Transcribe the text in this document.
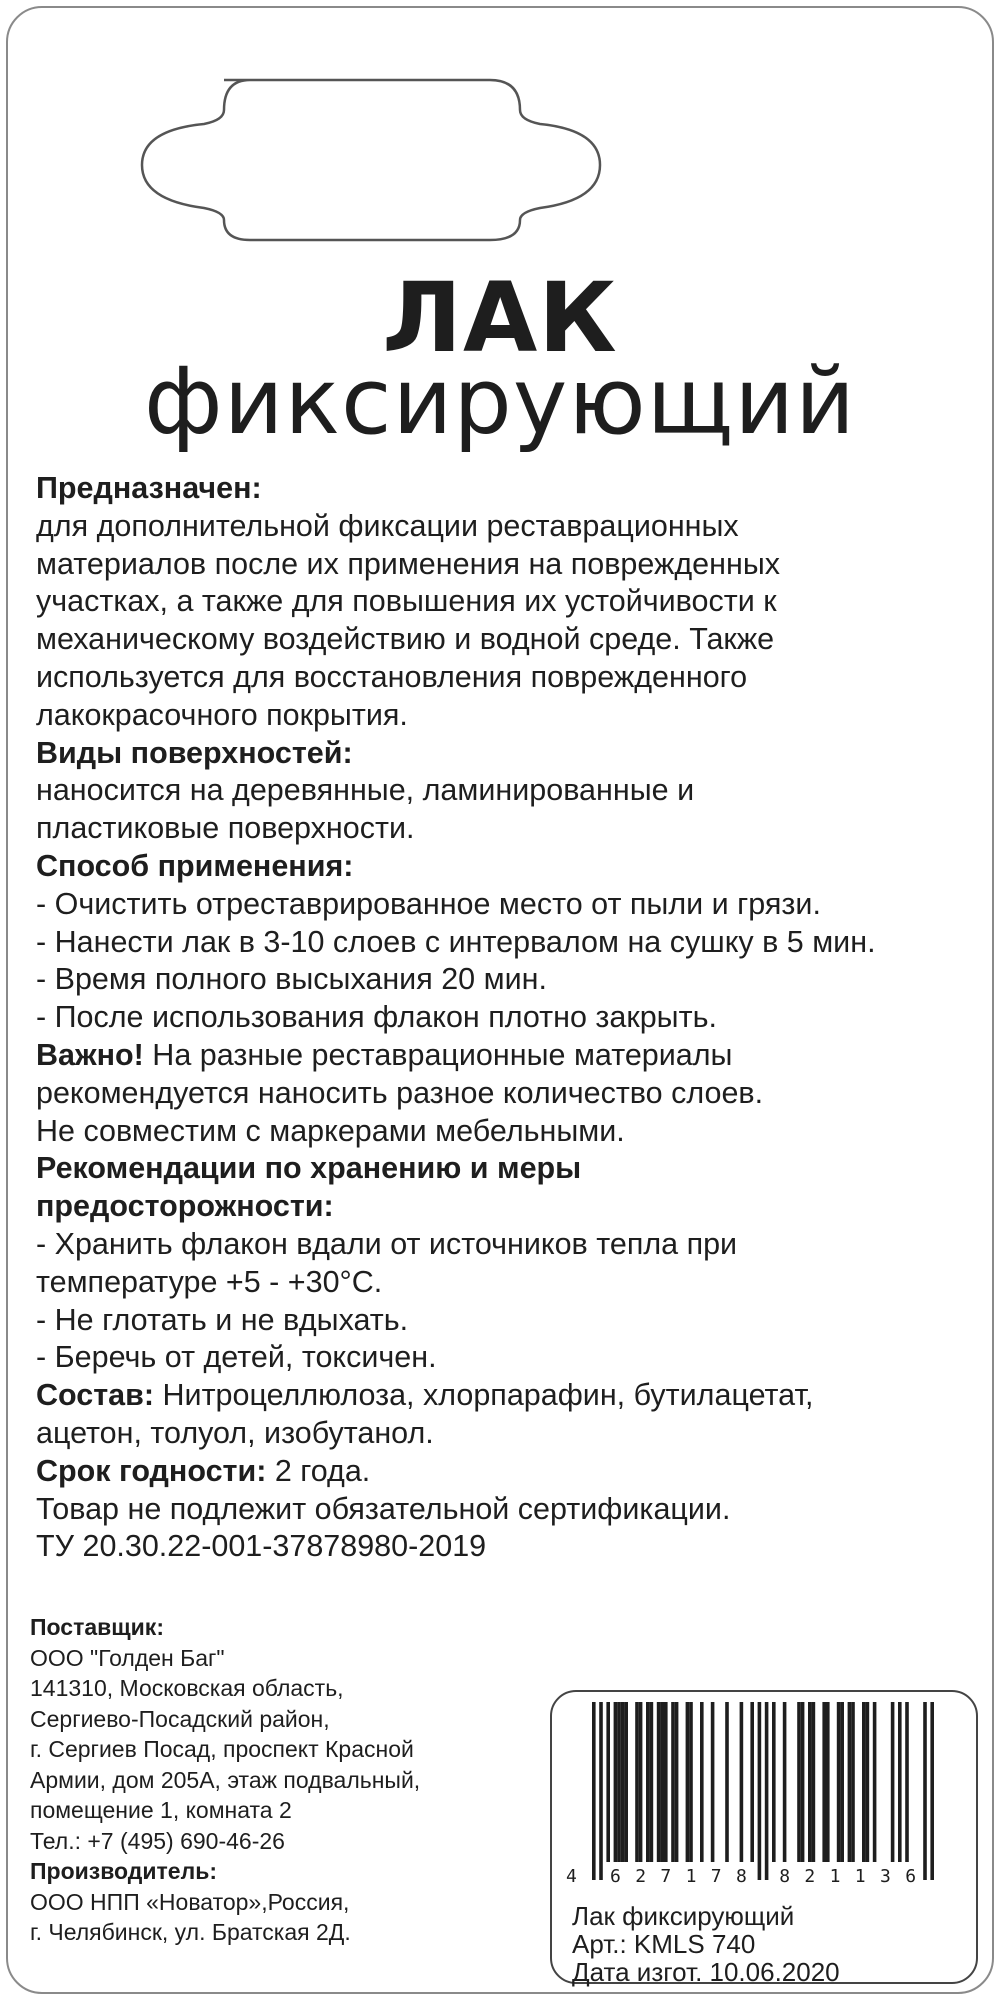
ЛАК
фиксирующий
Предназначен:
для дополнительной фиксации реставрационных
материалов после их применения на поврежденных
участках, а также для повышения их устойчивости к
механическому воздействию и водной среде. Также
используется для восстановления поврежденного
лакокрасочного покрытия.
Виды поверхностей:
наносится на деревянные, ламинированные и
пластиковые поверхности.
Способ применения:
- Очистить отреставрированное место от пыли и грязи.
- Нанести лак в 3-10 слоев с интервалом на сушку в 5 мин.
- Время полного высыхания 20 мин.
- После использования флакон плотно закрыть.
Важно! На разные реставрационные материалы
рекомендуется наносить разное количество слоев.
Не совместим с маркерами мебельными.
Рекомендации по хранению и меры
предосторожности:
- Хранить флакон вдали от источников тепла при
температуре +5 - +30°C.
- Не глотать и не вдыхать.
- Беречь от детей, токсичен.
Состав: Нитроцеллюлоза, хлорпарафин, бутилацетат,
ацетон, толуол, изобутанол.
Срок годности: 2 года.
Товар не подлежит обязательной сертификации.
ТУ 20.30.22-001-37878980-2019
Поставщик:
ООО "Голден Баг"
141310, Московская область,
Сергиево-Посадский район,
г. Сергиев Посад, проспект Красной
Армии, дом 205А, этаж подвальный,
помещение 1, комната 2
Тел.: +7 (495) 690-46-26
Производитель:
ООО НПП «Новатор»,Россия,
г. Челябинск, ул. Братская 2Д.
4 6 2 7 1 7 8 8 2 1 1 3 6
Лак фиксирующий
Арт.: KMLS 740
Дата изгот. 10.06.2020
